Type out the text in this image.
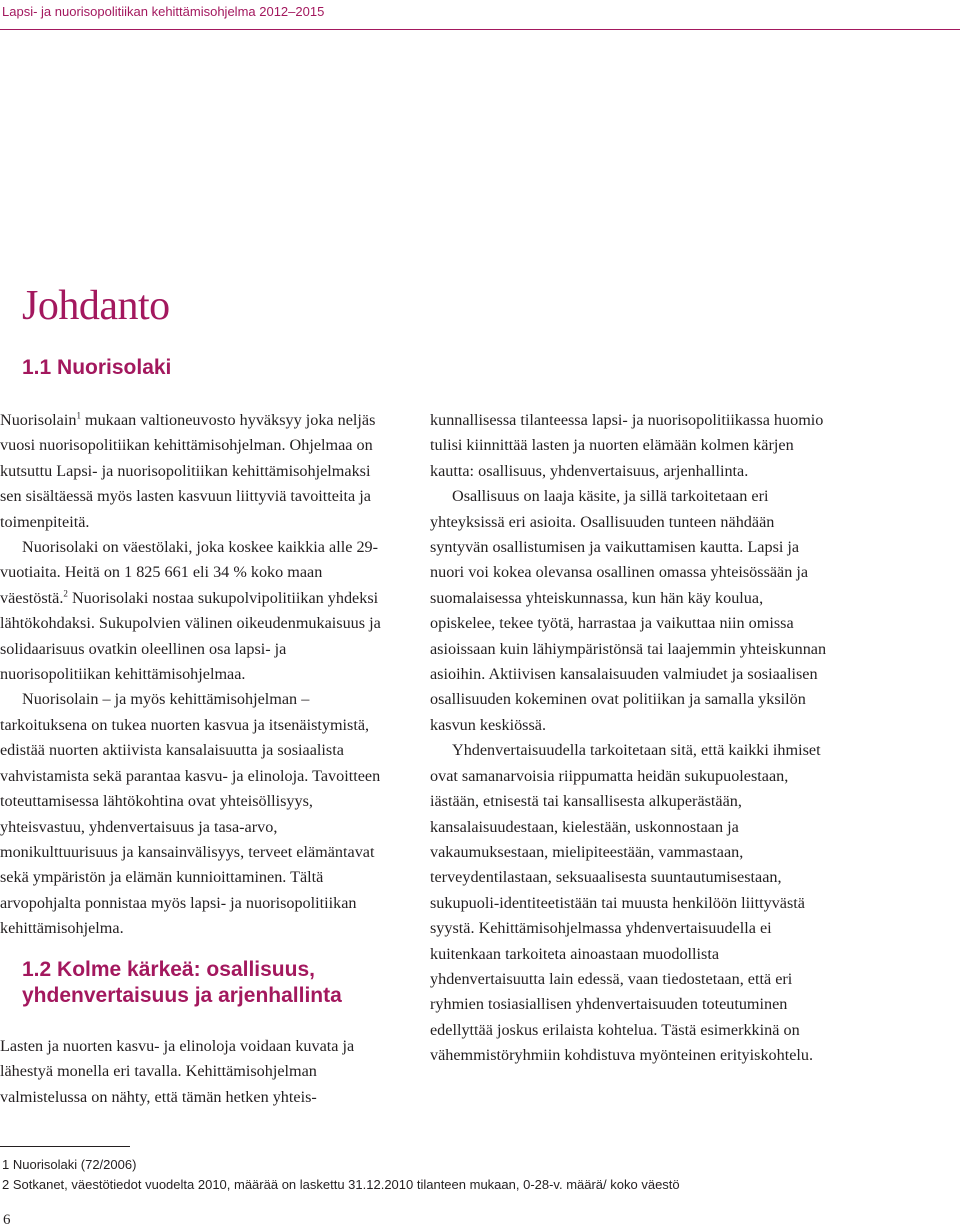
Lapsi- ja nuorisopolitiikan kehittämisohjelma 2012–2015
Johdanto
1.1 Nuorisolaki

Nuorisolain$^1$ mukaan valtioneuvosto hyväksyy joka neljäs vuosi nuorisopolitiikan kehittämisohjelman. Ohjelmaa on kutsuttu Lapsi- ja nuorisopolitiikan kehittämisohjelmaksi sen sisältäessä myös lasten kasvuun liittyviä tavoitteita ja toimenpiteitä.

Nuorisolaki on väestölaki, joka koskee kaikkia alle 29-vuotiaita. Heitä on 1 825 661 eli 34 % koko maan väestöstä.$^2$ Nuorisolaki nostaa sukupolvipolitiikan yhdeksi lähtökohdaksi. Sukupolvien välinen oikeudenmukaisuus ja solidaarisuus ovatkin oleellinen osa lapsi- ja nuorisopolitiikan kehittämisohjelmaa.

Nuorisolain – ja myös kehittämisohjelman – tarkoituksena on tukea nuorten kasvua ja itsenäistymistä, edistää nuorten aktiivista kansalaisuutta ja sosiaalista vahvistamista sekä parantaa kasvu- ja elinoloja. Tavoitteen toteuttamisessa lähtökohtina ovat yhteisöllisyys, yhteisvastuu, yhdenvertaisuus ja tasa-arvo, monikulttuurisuus ja kansainvälisyys, terveet elämäntavat sekä ympäristön ja elämän kunnioittaminen. Tältä arvopohjalta ponnistaa myös lapsi- ja nuorisopolitiikan kehittämisohjelma.

1.2 Kolme kärkeä: osallisuus, yhdenvertaisuus ja arjenhallinta

Lasten ja nuorten kasvu- ja elinoloja voidaan kuvata ja lähestyä monella eri tavalla. Kehittämisohjelman valmistelussa on nähty, että tämän hetken yhteis-

kunnallisessa tilanteessa lapsi- ja nuorisopolitiikassa huomio tulisi kiinnittää lasten ja nuorten elämään kolmen kärjen kautta: osallisuus, yhdenvertaisuus, arjenhallinta.

Osallisuus on laaja käsite, ja sillä tarkoitetaan eri yhteyksissä eri asioita. Osallisuuden tunteen nähdään syntyvän osallistumisen ja vaikuttamisen kautta. Lapsi ja nuori voi kokea olevansa osallinen omassa yhteisössään ja suomalaisessa yhteiskunnassa, kun hän käy koulua, opiskelee, tekee työtä, harrastaa ja vaikuttaa niin omissa asioissaan kuin lähiympäristönsä tai laajemmin yhteiskunnan asioihin. Aktiivisen kansalaisuuden valmiudet ja sosiaalisen osallisuuden kokeminen ovat politiikan ja samalla yksilön kasvun keskiössä.

Yhdenvertaisuudella tarkoitetaan sitä, että kaikki ihmiset ovat samanarvoisia riippumatta heidän sukupuolestaan, iästään, etnisestä tai kansallisesta alkuperästään, kansalaisuudestaan, kielestään, uskonnostaan ja vakaumuksestaan, mielipiteestään, vammastaan, terveydentilastaan, seksuaalisesta suuntautumisestaan, sukupuoli-identiteetistään tai muusta henkilöön liittyvästä syystä. Kehittämisohjelmassa yhdenvertaisuudella ei kuitenkaan tarkoiteta ainoastaan muodollista yhdenvertaisuutta lain edessä, vaan tiedostetaan, että eri ryhmien tosiasiallisen yhdenvertaisuuden toteutuminen edellyttää joskus erilaista kohtelua. Tästä esimerkkinä on vähemmistöryhmiin kohdistuva myönteinen erityiskohtelu.

1 Nuorisolaki (72/2006)

2 Sotkanet, väestötiedot vuodelta 2010, määrää on laskettu 31.12.2010 tilanteen mukaan, 0-28-v. määrä/ koko väestö

6
